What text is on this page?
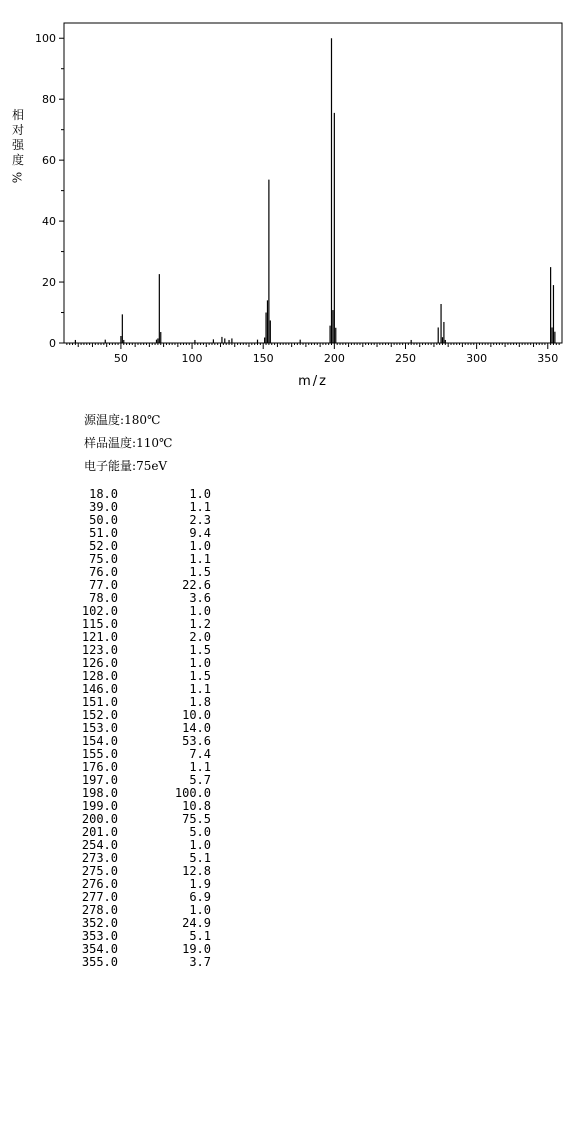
0
20
40
60
80
100
50	100	150	200	250	300	350
m/z
相对强度
%
源温度:180℃
样品温度:110℃
电子能量:75eV
18.0	1.0
39.0	1.1
50.0	2.3
51.0	9.4
52.0	1.0
75.0	1.1
76.0	1.5
77.0	22.6
78.0	3.6
102.0	1.0
115.0	1.2
121.0	2.0
123.0	1.5
126.0	1.0
128.0	1.5
146.0	1.1
151.0	1.8
152.0	10.0
153.0	14.0
154.0	53.6
155.0	7.4
176.0	1.1
197.0	5.7
198.0	100.0
199.0	10.8
200.0	75.5
201.0	5.0
254.0	1.0
273.0	5.1
275.0	12.8
276.0	1.9
277.0	6.9
278.0	1.0
352.0	24.9
353.0	5.1
354.0	19.0
355.0	3.7
